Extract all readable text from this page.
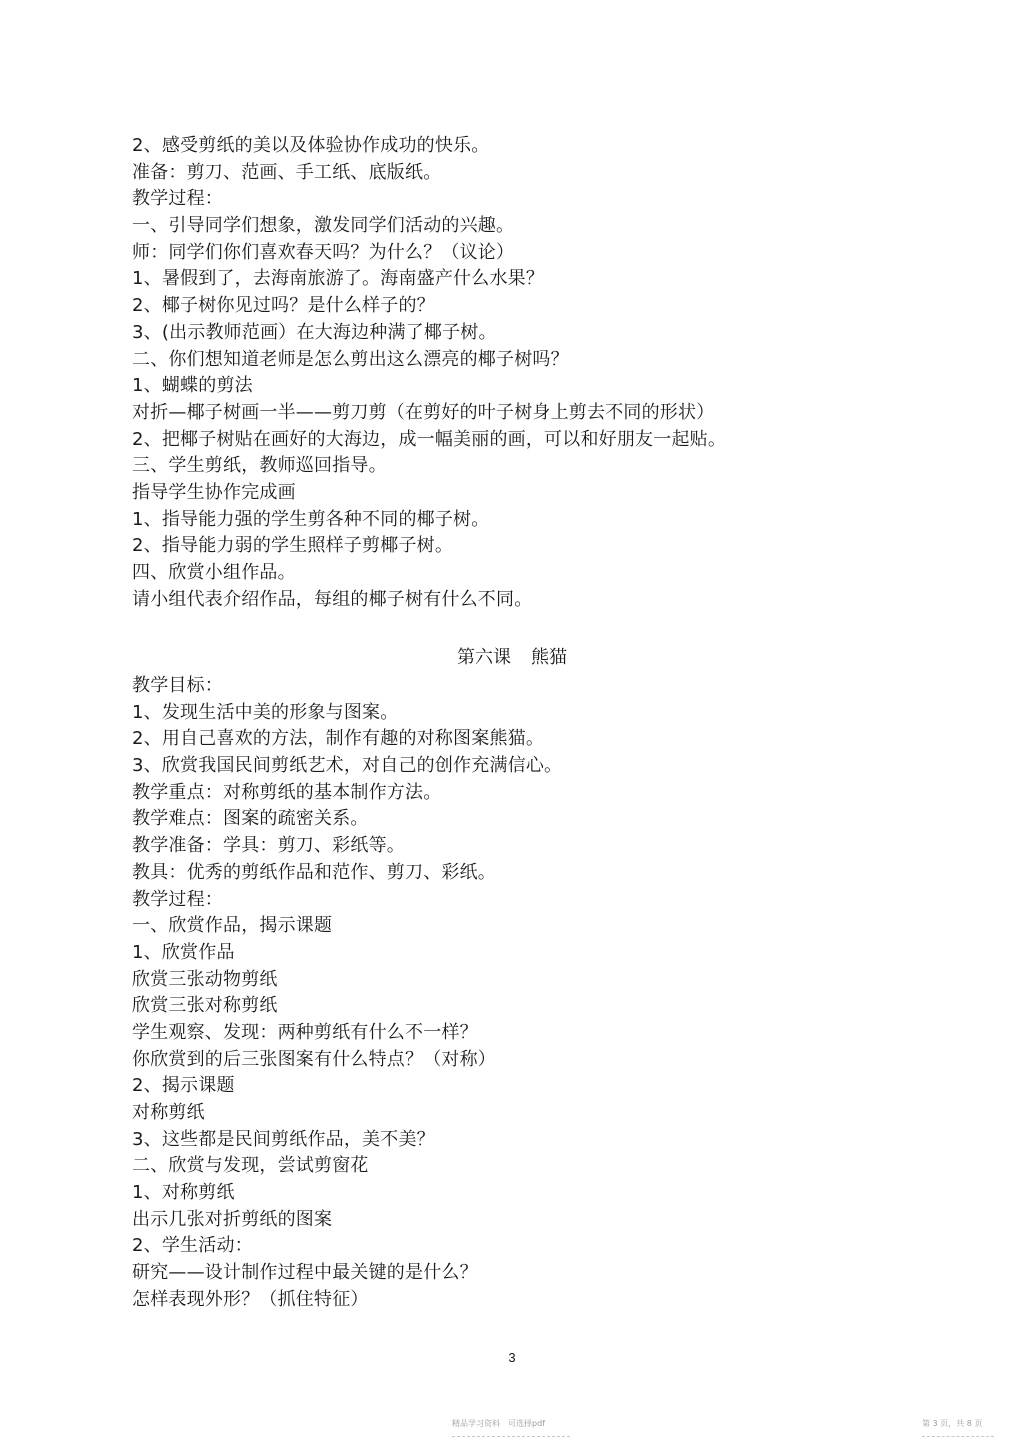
2、感受剪纸的美以及体验协作成功的快乐。
准备：剪刀、范画、手工纸、底版纸。
教学过程：
一、引导同学们想象，激发同学们活动的兴趣。
师：同学们你们喜欢春天吗？为什么？（议论）
1、暑假到了，去海南旅游了。海南盛产什么水果？
2、椰子树你见过吗？是什么样子的？
3、(出示教师范画）在大海边种满了椰子树。
二、你们想知道老师是怎么剪出这么漂亮的椰子树吗？
1、蝴蝶的剪法
对折—椰子树画一半——剪刀剪（在剪好的叶子树身上剪去不同的形状）
2、把椰子树贴在画好的大海边，成一幅美丽的画，可以和好朋友一起贴。
三、学生剪纸，教师巡回指导。
指导学生协作完成画
1、指导能力强的学生剪各种不同的椰子树。
2、指导能力弱的学生照样子剪椰子树。
四、欣赏小组作品。
请小组代表介绍作品，每组的椰子树有什么不同。
第六课 熊猫
教学目标：
1、发现生活中美的形象与图案。
2、用自己喜欢的方法，制作有趣的对称图案熊猫。
3、欣赏我国民间剪纸艺术，对自己的创作充满信心。
教学重点：对称剪纸的基本制作方法。
教学难点：图案的疏密关系。
教学准备：学具：剪刀、彩纸等。
教具：优秀的剪纸作品和范作、剪刀、彩纸。
教学过程：
一、欣赏作品，揭示课题
1、欣赏作品
欣赏三张动物剪纸
欣赏三张对称剪纸
学生观察、发现：两种剪纸有什么不一样？
你欣赏到的后三张图案有什么特点？（对称）
2、揭示课题
对称剪纸
3、这些都是民间剪纸作品，美不美？
二、欣赏与发现，尝试剪窗花
1、对称剪纸
出示几张对折剪纸的图案
2、学生活动：
研究——设计制作过程中最关键的是什么？
怎样表现外形？（抓住特征）
3
精品学习资料　可选择pdf	第 3 页，共 8 页
